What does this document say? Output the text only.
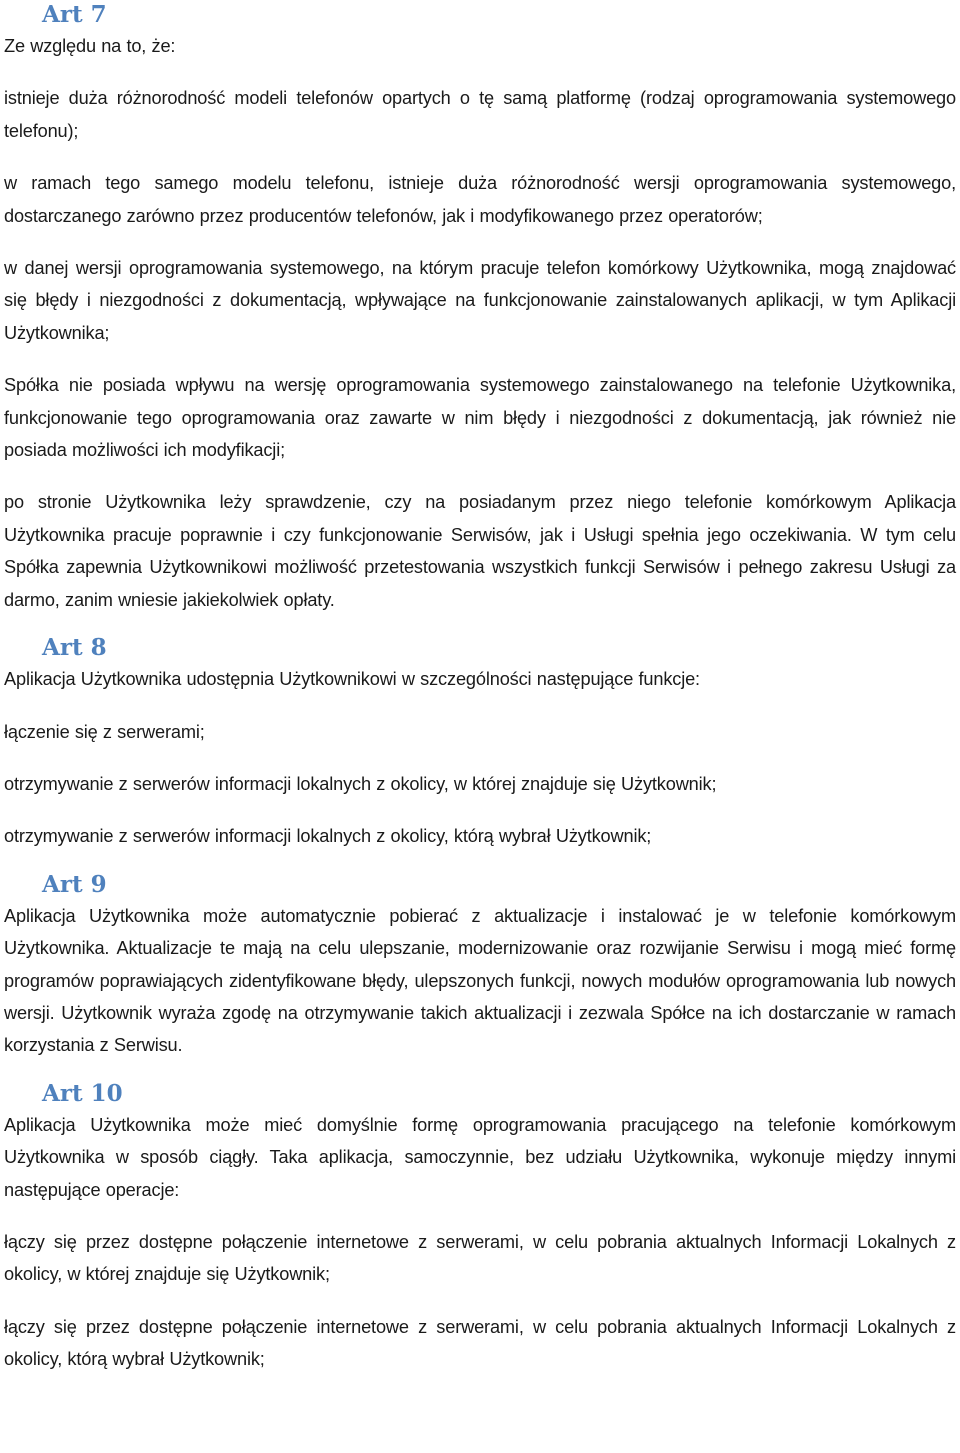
Art 7

Ze względu na to, że:

istnieje duża różnorodność modeli telefonów opartych o tę samą platformę (rodzaj oprogramowania systemowego telefonu);

w ramach tego samego modelu telefonu, istnieje duża różnorodność wersji oprogramowania systemowego, dostarczanego zarówno przez producentów telefonów, jak i modyfikowanego przez operatorów;

w danej wersji oprogramowania systemowego, na którym pracuje telefon komórkowy Użytkownika, mogą znajdować się błędy i niezgodności z dokumentacją, wpływające na funkcjonowanie zainstalowanych aplikacji, w tym Aplikacji Użytkownika;

Spółka nie posiada wpływu na wersję oprogramowania systemowego zainstalowanego na telefonie Użytkownika, funkcjonowanie tego oprogramowania oraz zawarte w nim błędy i niezgodności z dokumentacją, jak również nie posiada możliwości ich modyfikacji;

po stronie Użytkownika leży sprawdzenie, czy na posiadanym przez niego telefonie komórkowym Aplikacja Użytkownika pracuje poprawnie i czy funkcjonowanie Serwisów, jak i Usługi spełnia jego oczekiwania. W tym celu Spółka zapewnia Użytkownikowi możliwość przetestowania wszystkich funkcji Serwisów i pełnego zakresu Usługi za darmo, zanim wniesie jakiekolwiek opłaty.

Art 8

Aplikacja Użytkownika udostępnia Użytkownikowi w szczególności następujące funkcje:

łączenie się z serwerami;

otrzymywanie z serwerów informacji lokalnych z okolicy, w której znajduje się Użytkownik;

otrzymywanie z serwerów informacji lokalnych z okolicy, którą wybrał Użytkownik;

Art 9

Aplikacja Użytkownika może automatycznie pobierać z aktualizacje i instalować je w telefonie komórkowym Użytkownika. Aktualizacje te mają na celu ulepszanie, modernizowanie oraz rozwijanie Serwisu i mogą mieć formę programów poprawiających zidentyfikowane błędy, ulepszonych funkcji, nowych modułów oprogramowania lub nowych wersji. Użytkownik wyraża zgodę na otrzymywanie takich aktualizacji i zezwala Spółce na ich dostarczanie w ramach korzystania z Serwisu.

Art 10

Aplikacja Użytkownika może mieć domyślnie formę oprogramowania pracującego na telefonie komórkowym Użytkownika w sposób ciągły. Taka aplikacja, samoczynnie, bez udziału Użytkownika, wykonuje między innymi następujące operacje:

łączy się przez dostępne połączenie internetowe z serwerami, w celu pobrania aktualnych Informacji Lokalnych z okolicy, w której znajduje się Użytkownik;

łączy się przez dostępne połączenie internetowe z serwerami, w celu pobrania aktualnych Informacji Lokalnych z okolicy, którą wybrał Użytkownik;
